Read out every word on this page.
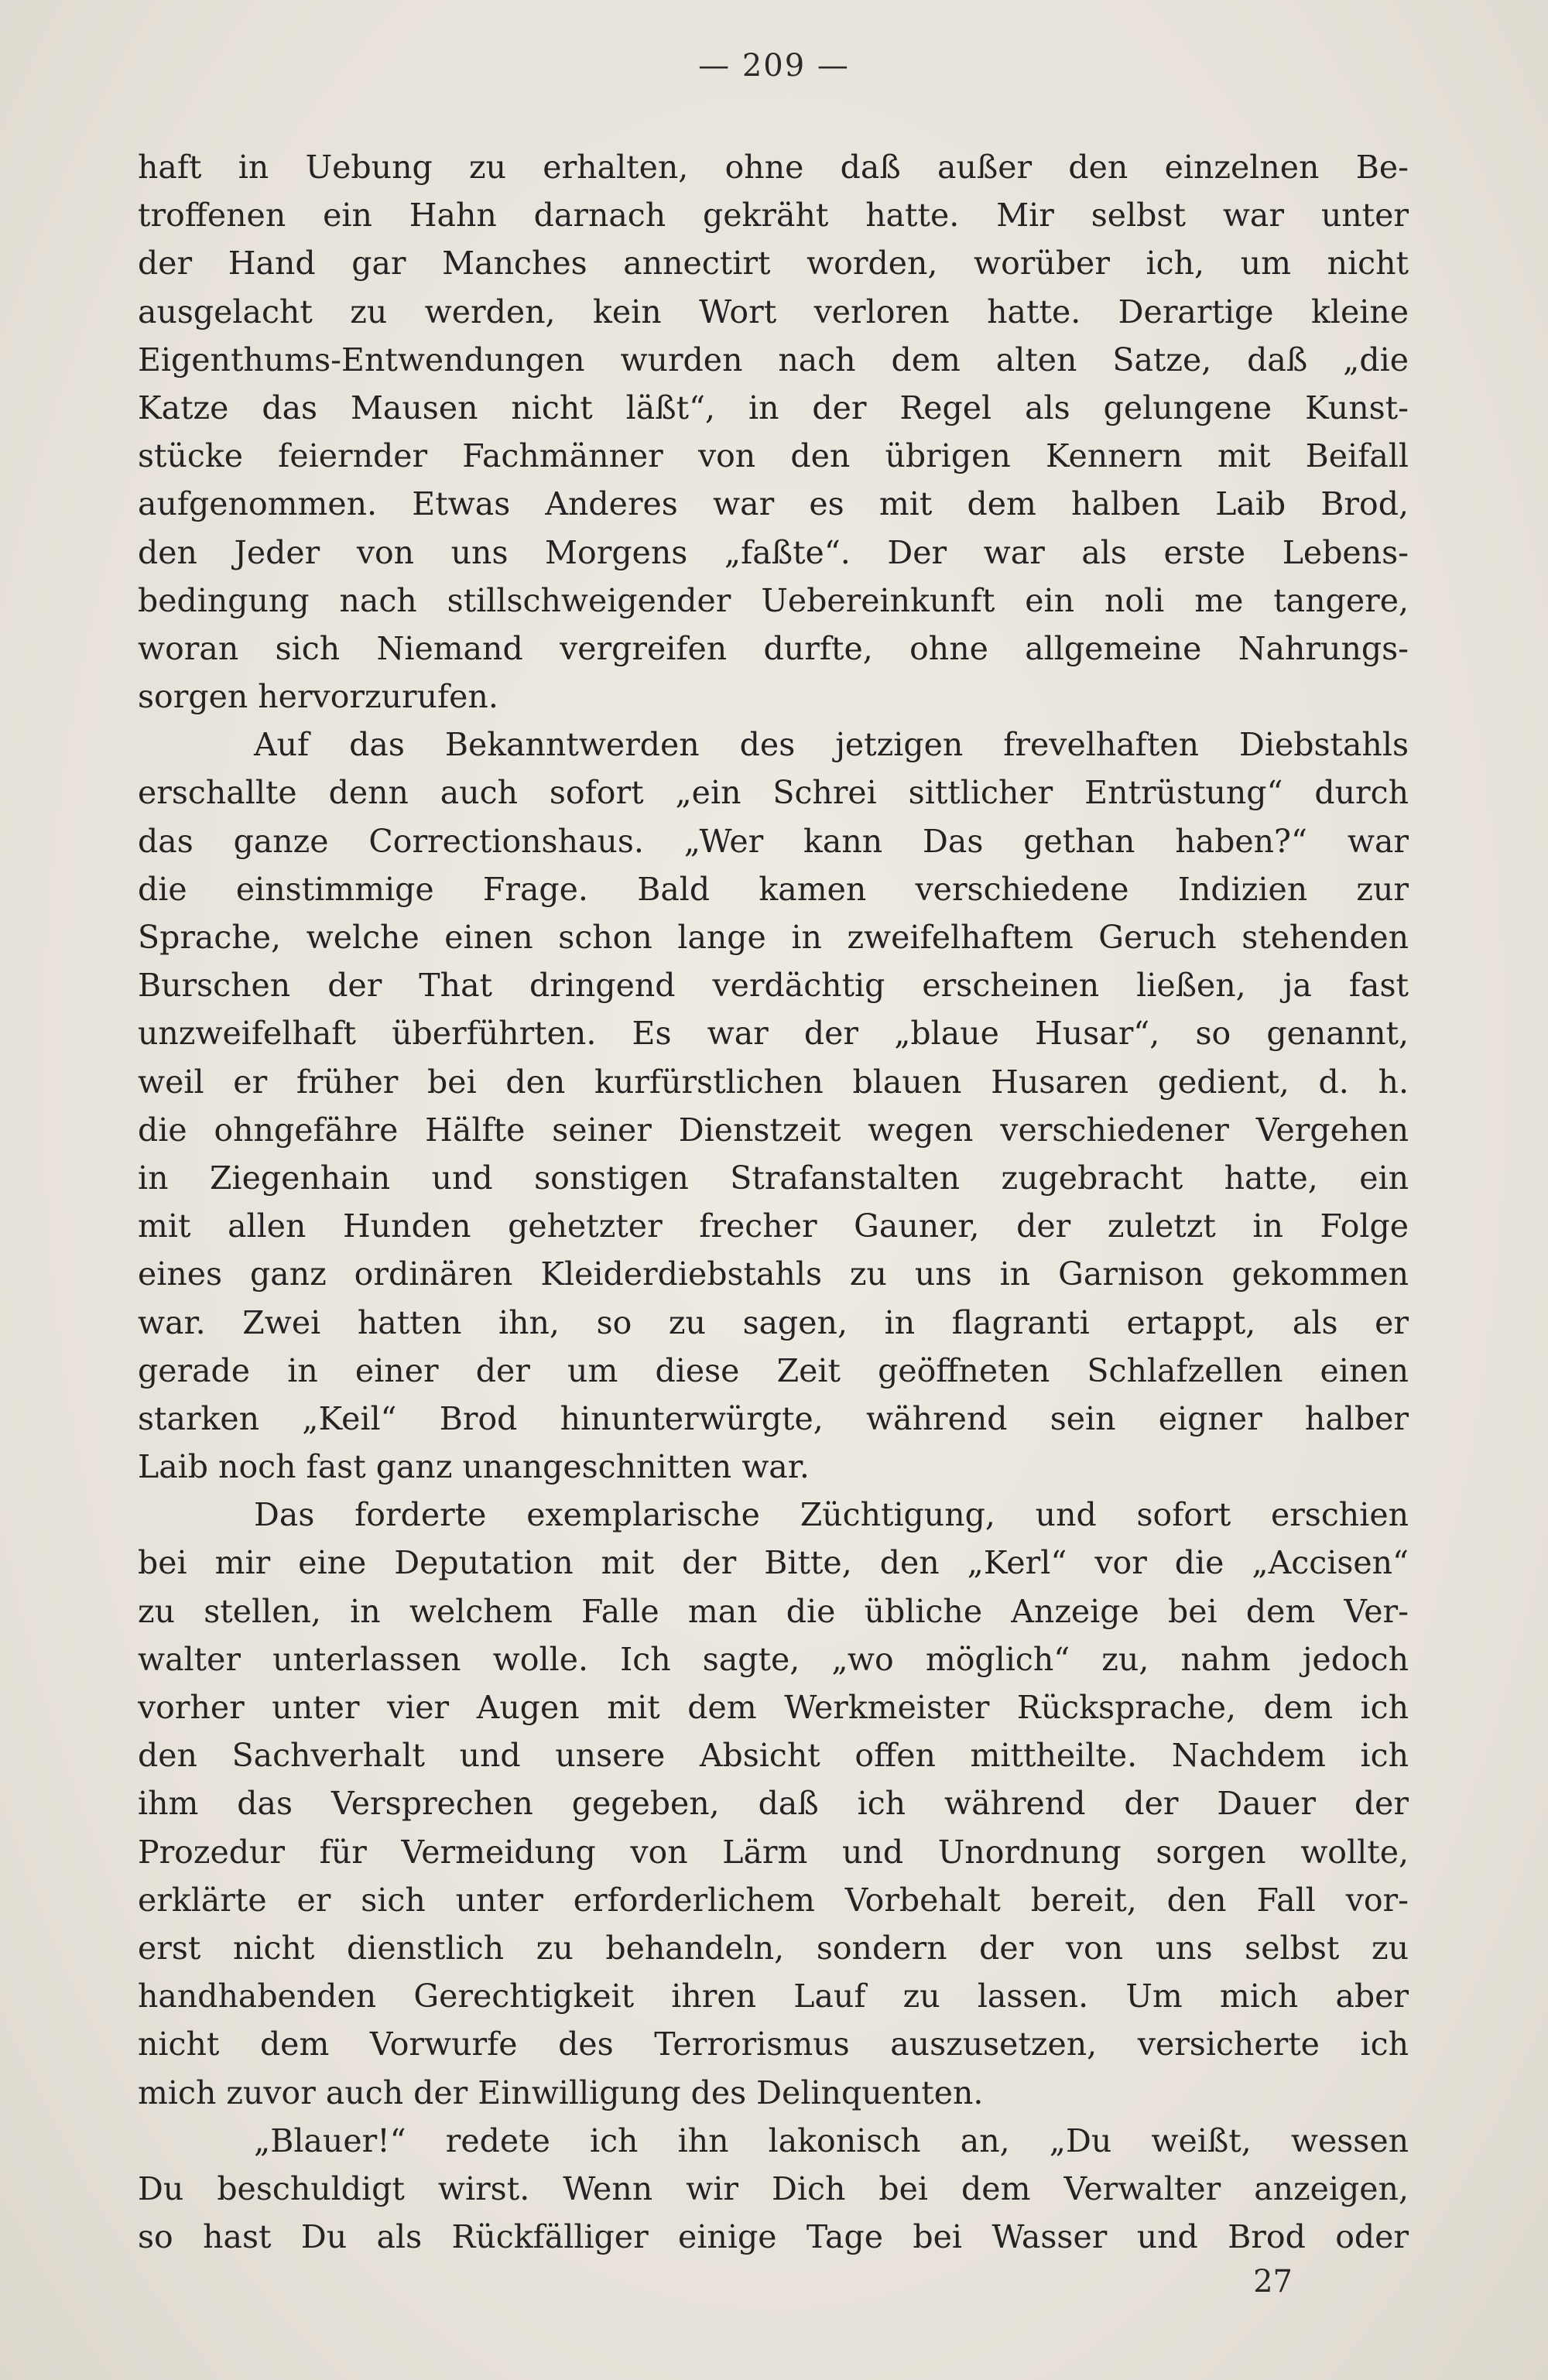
— 209 —
haft in Uebung zu erhalten, ohne daß außer den einzelnen Be-
troffenen ein Hahn darnach gekräht hatte. Mir selbst war unter
der Hand gar Manches annectirt worden, worüber ich, um nicht
ausgelacht zu werden, kein Wort verloren hatte. Derartige kleine
Eigenthums-Entwendungen wurden nach dem alten Satze, daß „die
Katze das Mausen nicht läßt“, in der Regel als gelungene Kunst-
stücke feiernder Fachmänner von den übrigen Kennern mit Beifall
aufgenommen. Etwas Anderes war es mit dem halben Laib Brod,
den Jeder von uns Morgens „faßte“. Der war als erste Lebens-
bedingung nach stillschweigender Uebereinkunft ein noli me tangere,
woran sich Niemand vergreifen durfte, ohne allgemeine Nahrungs-
sorgen hervorzurufen.
Auf das Bekanntwerden des jetzigen frevelhaften Diebstahls
erschallte denn auch sofort „ein Schrei sittlicher Entrüstung“ durch
das ganze Correctionshaus. „Wer kann Das gethan haben?“ war
die einstimmige Frage. Bald kamen verschiedene Indizien zur
Sprache, welche einen schon lange in zweifelhaftem Geruch stehenden
Burschen der That dringend verdächtig erscheinen ließen, ja fast
unzweifelhaft überführten. Es war der „blaue Husar“, so genannt,
weil er früher bei den kurfürstlichen blauen Husaren gedient, d. h.
die ohngefähre Hälfte seiner Dienstzeit wegen verschiedener Vergehen
in Ziegenhain und sonstigen Strafanstalten zugebracht hatte, ein
mit allen Hunden gehetzter frecher Gauner, der zuletzt in Folge
eines ganz ordinären Kleiderdiebstahls zu uns in Garnison gekommen
war. Zwei hatten ihn, so zu sagen, in flagranti ertappt, als er
gerade in einer der um diese Zeit geöffneten Schlafzellen einen
starken „Keil“ Brod hinunterwürgte, während sein eigner halber
Laib noch fast ganz unangeschnitten war.
Das forderte exemplarische Züchtigung, und sofort erschien
bei mir eine Deputation mit der Bitte, den „Kerl“ vor die „Accisen“
zu stellen, in welchem Falle man die übliche Anzeige bei dem Ver-
walter unterlassen wolle. Ich sagte, „wo möglich“ zu, nahm jedoch
vorher unter vier Augen mit dem Werkmeister Rücksprache, dem ich
den Sachverhalt und unsere Absicht offen mittheilte. Nachdem ich
ihm das Versprechen gegeben, daß ich während der Dauer der
Prozedur für Vermeidung von Lärm und Unordnung sorgen wollte,
erklärte er sich unter erforderlichem Vorbehalt bereit, den Fall vor-
erst nicht dienstlich zu behandeln, sondern der von uns selbst zu
handhabenden Gerechtigkeit ihren Lauf zu lassen. Um mich aber
nicht dem Vorwurfe des Terrorismus auszusetzen, versicherte ich
mich zuvor auch der Einwilligung des Delinquenten.
„Blauer!“ redete ich ihn lakonisch an, „Du weißt, wessen
Du beschuldigt wirst. Wenn wir Dich bei dem Verwalter anzeigen,
so hast Du als Rückfälliger einige Tage bei Wasser und Brod oder
27
